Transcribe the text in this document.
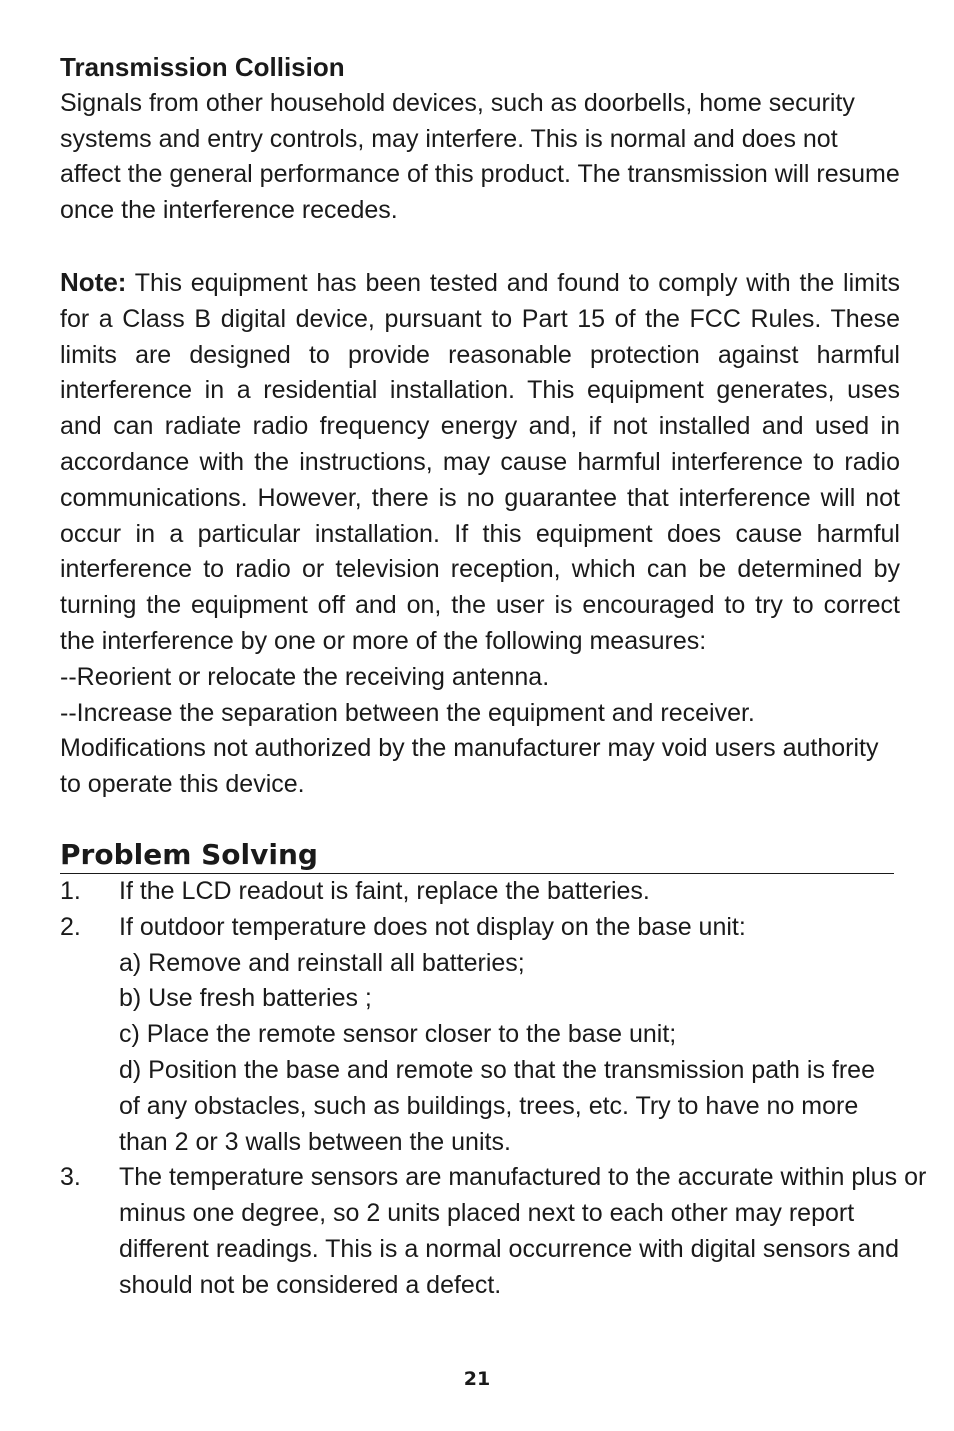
Transmission Collision

Signals from other household devices, such as doorbells, home security systems and entry controls, may interfere. This is normal and does not affect the general performance of this product. The transmission will resume once the interference recedes.

Note: This equipment has been tested and found to comply with the limits for a Class B digital device, pursuant to Part 15 of the FCC Rules. These limits are designed to provide reasonable protection against harmful interference in a residential installation. This equipment generates, uses and can radiate radio frequency energy and, if not installed and used in accordance with the instructions, may cause harmful interference to radio communications. However, there is no guarantee that interference will not occur in a particular installation. If this equipment does cause harmful interference to radio or television reception, which can be determined by turning the equipment off and on, the user is encouraged to try to correct the interference by one or more of the following measures:

--Reorient or relocate the receiving antenna.

--Increase the separation between the equipment and receiver.

Modifications not authorized by the manufacturer may void users authority to operate this device.

Problem Solving
1. If the LCD readout is faint, replace the batteries.
2. If outdoor temperature does not display on the base unit:
a) Remove and reinstall all batteries;
b) Use fresh batteries ;
c) Place the remote sensor closer to the base unit;
d) Position the base and remote so that the transmission path is free of any obstacles, such as buildings, trees, etc. Try to have no more than 2 or 3 walls between the units.
3. The temperature sensors are manufactured to the accurate within plus or minus one degree, so 2 units placed next to each other may report different readings. This is a normal occurrence with digital sensors and should not be considered a defect.
21
